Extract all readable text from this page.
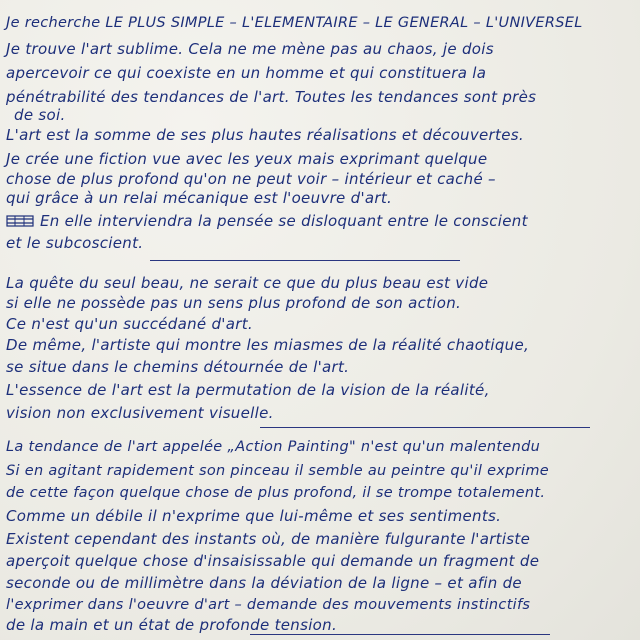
Je recherche LE PLUS SIMPLE – L'ELEMENTAIRE – LE GENERAL – L'UNIVERSEL
Je trouve l'art sublime. Cela ne me mène pas au chaos, je dois
apercevoir ce qui coexiste en un homme et qui constituera la
pénétrabilité des tendances de l'art. Toutes les tendances sont près
de soi.
L'art est la somme de ses plus hautes réalisations et découvertes.
Je crée une fiction vue avec les yeux mais exprimant quelque
chose de plus profond qu'on ne peut voir – intérieur et caché –
qui grâce à un relai mécanique est l'oeuvre d'art.
En elle interviendra la pensée se disloquant entre le conscient
et le subcoscient.
La quête du seul beau, ne serait ce que du plus beau est vide
si elle ne possède pas un sens plus profond de son action.
Ce n'est qu'un succédané d'art.
De même, l'artiste qui montre les miasmes de la réalité chaotique,
se situe dans le chemins détournée de l'art.
L'essence de l'art est la permutation de la vision de la réalité,
vision non exclusivement visuelle.
La tendance de l'art appelée „Action Painting" n'est qu'un malentendu
Si en agitant rapidement son pinceau il semble au peintre qu'il exprime
de cette façon quelque chose de plus profond, il se trompe totalement.
Comme un débile il n'exprime que lui-même et ses sentiments.
Existent cependant des instants où, de manière fulgurante l'artiste
aperçoit quelque chose d'insaisissable qui demande un fragment de
seconde ou de millimètre dans la déviation de la ligne – et afin de
l'exprimer dans l'oeuvre d'art – demande des mouvements instinctifs
de la main et un état de profonde tension.
